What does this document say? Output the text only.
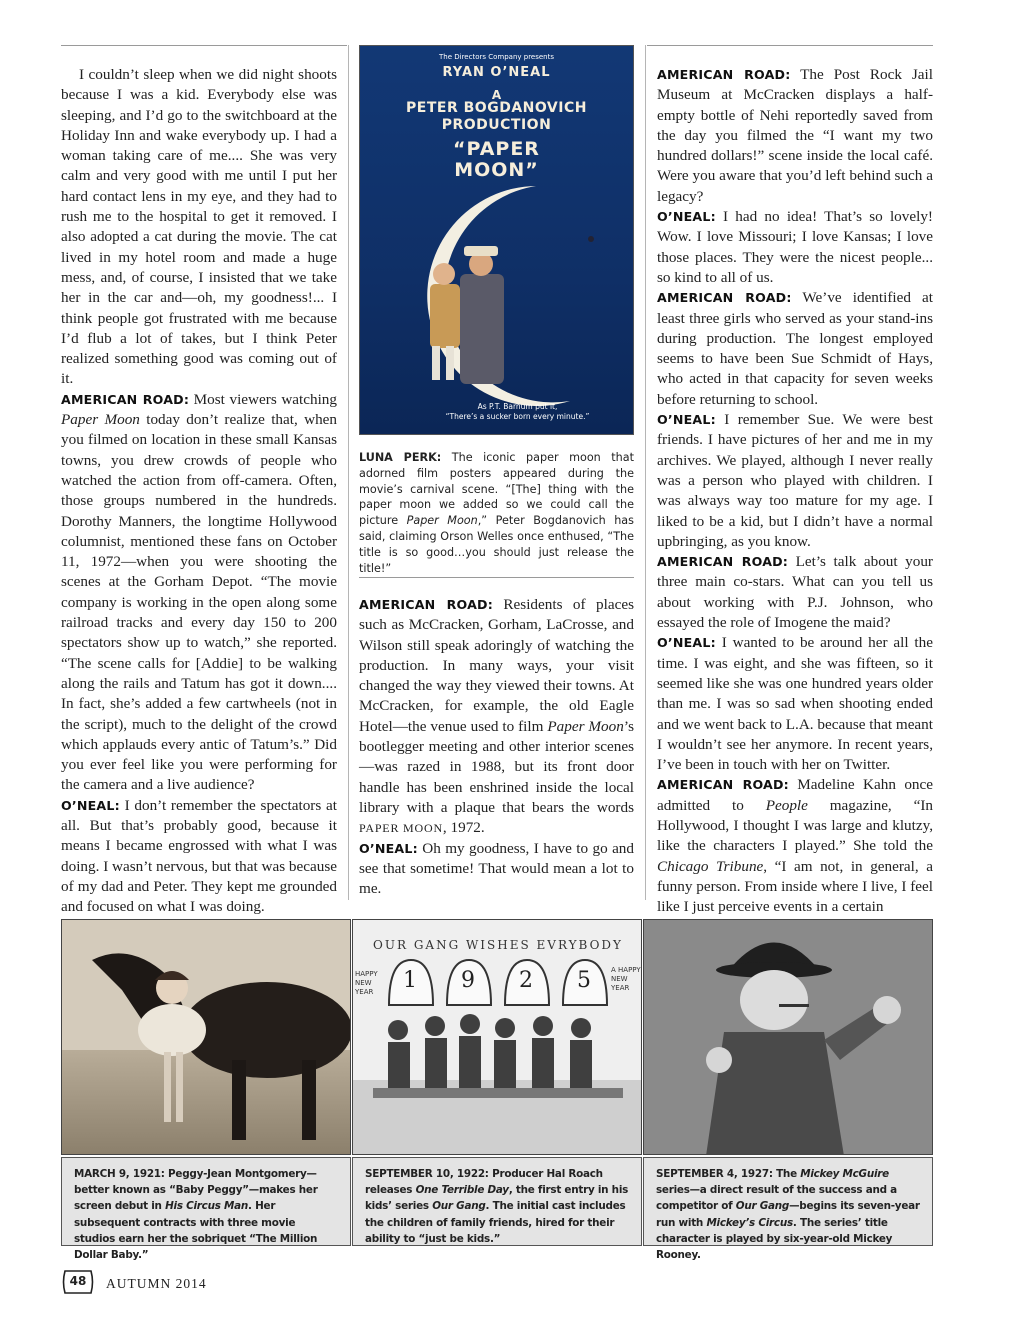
I couldn’t sleep when we did night shoots because I was a kid. Everybody else was sleeping, and I’d go to the switchboard at the Holiday Inn and wake everybody up. I had a woman taking care of me.... She was very calm and very good with me until I put her hard contact lens in my eye, and they had to rush me to the hospital to get it removed. I also adopted a cat during the movie. The cat lived in my hotel room and made a huge mess, and, of course, I insisted that we take her in the car and—oh, my goodness!... I think people got frustrated with me because I’d flub a lot of takes, but I think Peter realized something good was coming out of it.

AMERICAN ROAD: Most viewers watching Paper Moon today don’t realize that, when you filmed on location in these small Kansas towns, you drew crowds of people who watched the action from off-camera. Often, those groups numbered in the hundreds. Dorothy Manners, the longtime Hollywood columnist, mentioned these fans on October 11, 1972—when you were shooting the scenes at the Gorham Depot. “The movie company is working in the open along some railroad tracks and every day 150 to 200 spectators show up to watch,” she reported. “The scene calls for [Addie] to be walking along the rails and Tatum has got it down.... In fact, she’s added a few cartwheels (not in the script), much to the delight of the crowd which applauds every antic of Tatum’s.” Did you ever feel like you were performing for the camera and a live audience?

O’NEAL: I don’t remember the spectators at all. But that’s probably good, because it means I became engrossed with what I was doing. I wasn’t nervous, but that was because of my dad and Peter. They kept me grounded and focused on what I was doing.

The Directors Company presents
RYAN O’NEAL
A
PETER BOGDANOVICH
PRODUCTION
“PAPER
MOON”
As P.T. Barnum put it,
“There’s a sucker born every minute.”
LUNA PERK: The iconic paper moon that adorned film posters appeared during the movie’s carnival scene. “[The] thing with the paper moon we added so we could call the picture Paper Moon,” Peter Bogdanovich has said, claiming Orson Welles once enthused, “The title is so good…you should just release the title!”

AMERICAN ROAD: Residents of places such as McCracken, Gorham, LaCrosse, and Wilson still speak adoringly of watching the production. In many ways, your visit changed the way they viewed their towns. At McCracken, for example, the old Eagle Hotel—the venue used to film Paper Moon’s bootlegger meeting and other interior scenes—was razed in 1988, but its front door handle has been enshrined inside the local library with a plaque that bears the words PAPER MOON, 1972.

O’NEAL: Oh my goodness, I have to go and see that sometime! That would mean a lot to me.

AMERICAN ROAD: The Post Rock Jail Museum at McCracken displays a half-empty bottle of Nehi reportedly saved from the day you filmed the “I want my two hundred dollars!” scene inside the local café. Were you aware that you’d left behind such a legacy?

O’NEAL: I had no idea! That’s so lovely! Wow. I love Missouri; I love Kansas; I love those places. They were the nicest people... so kind to all of us.

AMERICAN ROAD: We’ve identified at least three girls who served as your stand-ins during production. The longest employed seems to have been Sue Schmidt of Hays, who acted in that capacity for seven weeks before returning to school.

O’NEAL: I remember Sue. We were best friends. I have pictures of her and me in my archives. We played, although I never really was a person who played with children. I was always way too mature for my age. I liked to be a kid, but I didn’t have a normal upbringing, as you know.

AMERICAN ROAD: Let’s talk about your three main co-stars. What can you tell us about working with P.J. Johnson, who essayed the role of Imogene the maid?

O’NEAL: I wanted to be around her all the time. I was eight, and she was fifteen, so it seemed like she was one hundred years older than me. I was so sad when shooting ended and we went back to L.A. because that meant I wouldn’t see her anymore. In recent years, I’ve been in touch with her on Twitter.

AMERICAN ROAD: Madeline Kahn once admitted to People magazine, “In Hollywood, I thought I was large and klutzy, like the characters I played.” She told the Chicago Tribune, “I am not, in general, a funny person. From inside where I live, I feel like I just perceive events in a certain

OUR GANG WISHES EVRYBODY
1 9 2 5
HAPPY NEW YEAR
A HAPPY NEW YEAR
MARCH 9, 1921: Peggy-Jean Montgomery—better known as “Baby Peggy”—makes her screen debut in His Circus Man. Her subsequent contracts with three movie studios earn her the sobriquet “The Million Dollar Baby.”
SEPTEMBER 10, 1922: Producer Hal Roach releases One Terrible Day, the first entry in his kids’ series Our Gang. The initial cast includes the children of family friends, hired for their ability to “just be kids.”
SEPTEMBER 4, 1927: The Mickey McGuire series—a direct result of the success and a competitor of Our Gang—begins its seven-year run with Mickey’s Circus. The series’ title character is played by six-year-old Mickey Rooney.
48	AUTUMN 2014
